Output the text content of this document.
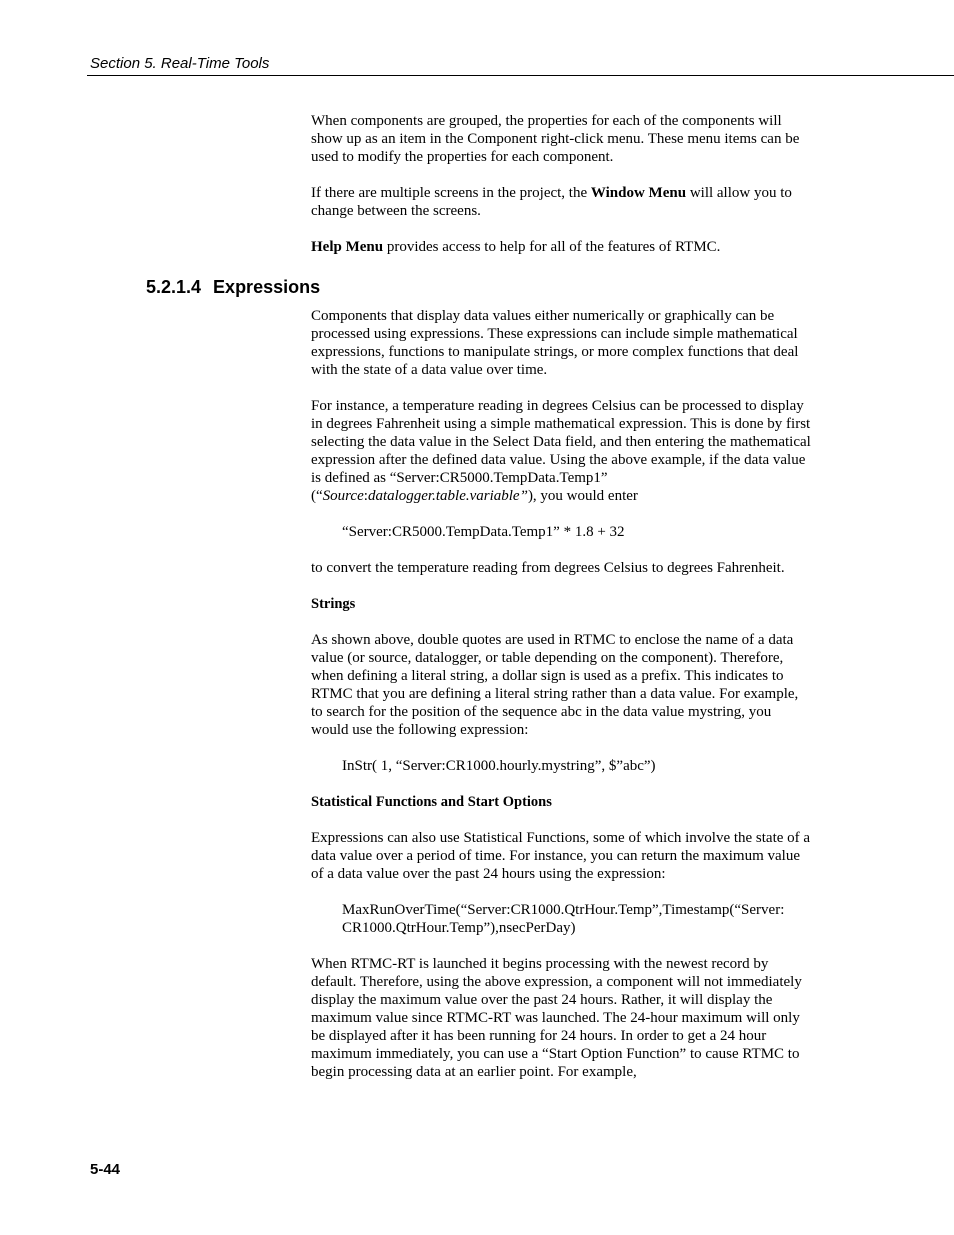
Section 5. Real-Time Tools

When components are grouped, the properties for each of the components will show up as an item in the Component right-click menu. These menu items can be used to modify the properties for each component.

If there are multiple screens in the project, the Window Menu will allow you to change between the screens.

Help Menu provides access to help for all of the features of RTMC.

5.2.1.4 Expressions

Components that display data values either numerically or graphically can be processed using expressions. These expressions can include simple mathematical expressions, functions to manipulate strings, or more complex functions that deal with the state of a data value over time.

For instance, a temperature reading in degrees Celsius can be processed to display in degrees Fahrenheit using a simple mathematical expression. This is done by first selecting the data value in the Select Data field, and then entering the mathematical expression after the defined data value. Using the above example, if the data value is defined as “Server:CR5000.TempData.Temp1” (“Source:datalogger.table.variable”), you would enter

“Server:CR5000.TempData.Temp1” * 1.8 + 32

to convert the temperature reading from degrees Celsius to degrees Fahrenheit.

Strings

As shown above, double quotes are used in RTMC to enclose the name of a data value (or source, datalogger, or table depending on the component). Therefore, when defining a literal string, a dollar sign is used as a prefix. This indicates to RTMC that you are defining a literal string rather than a data value. For example, to search for the position of the sequence abc in the data value mystring, you would use the following expression:

InStr( 1, “Server:CR1000.hourly.mystring”, $”abc”)

Statistical Functions and Start Options

Expressions can also use Statistical Functions, some of which involve the state of a data value over a period of time. For instance, you can return the maximum value of a data value over the past 24 hours using the expression:

MaxRunOverTime(“Server:CR1000.QtrHour.Temp”,Timestamp(“Server:

CR1000.QtrHour.Temp”),nsecPerDay)

When RTMC-RT is launched it begins processing with the newest record by default. Therefore, using the above expression, a component will not immediately display the maximum value over the past 24 hours. Rather, it will display the maximum value since RTMC-RT was launched. The 24-hour maximum will only be displayed after it has been running for 24 hours. In order to get a 24 hour maximum immediately, you can use a “Start Option Function” to cause RTMC to begin processing data at an earlier point. For example,

5-44
